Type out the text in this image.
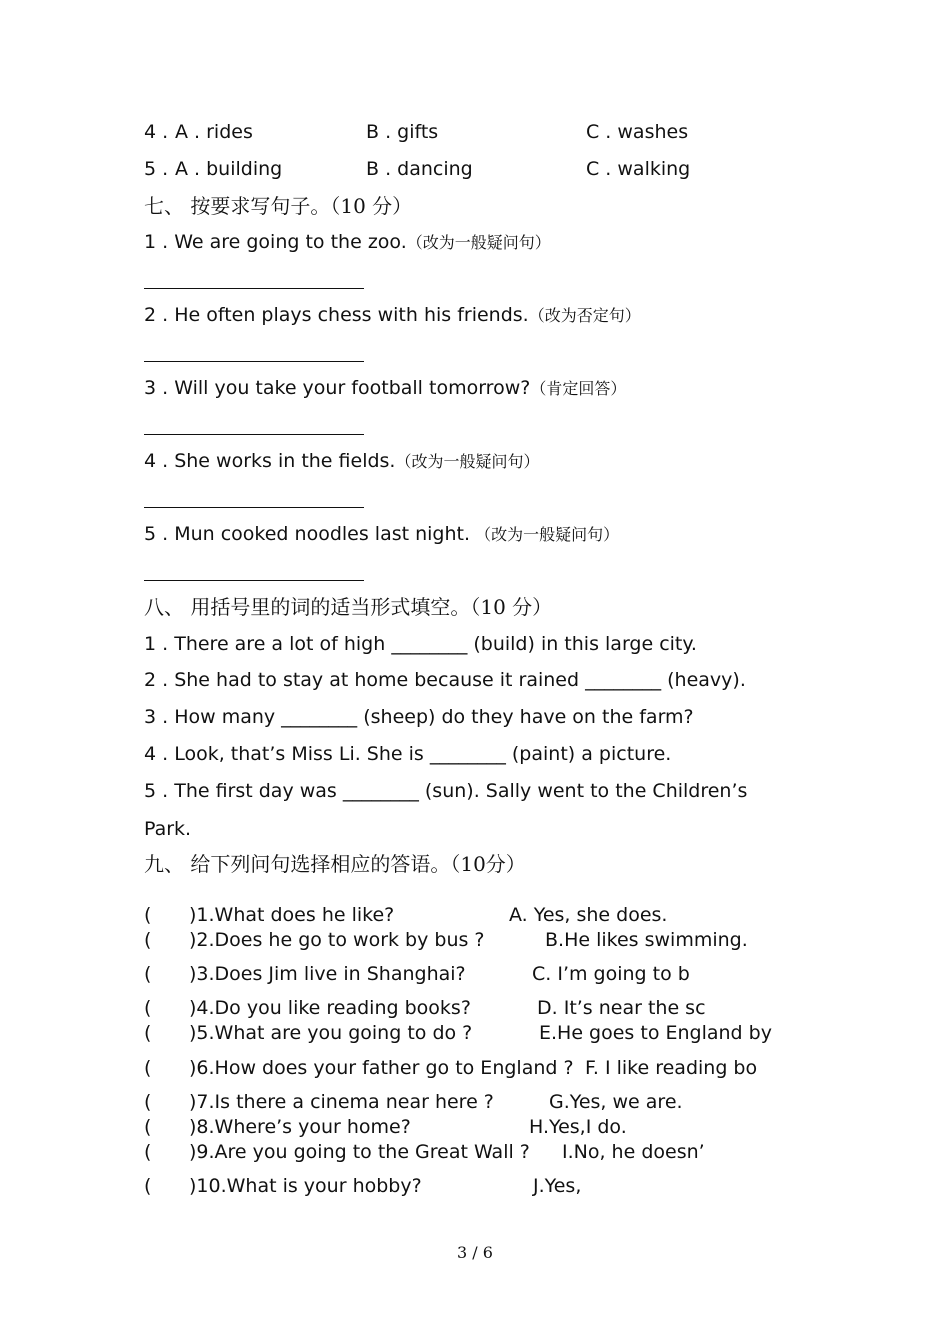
4 . A . rides	B . gifts	C . washes
5 . A . building	B . dancing	C . walking
七、 按要求写句子。（10 分）
1 . We are going to the zoo.（改为一般疑问句）
2 . He often plays chess with his friends.（改为否定句）
3 . Will you take your football tomorrow?（肯定回答）
4 . She works in the fields.（改为一般疑问句）
5 . Mun cooked noodles last night. （改为一般疑问句）
八、 用括号里的词的适当形式填空。（10 分）
1 . There are a lot of high ________ (build) in this large city.
2 . She had to stay at home because it rained ________ (heavy).
3 . How many ________ (sheep) do they have on the farm?
4 . Look, that’s Miss Li. She is ________ (paint) a picture.
5 . The first day was ________ (sun). Sally went to the Children’s
Park.
九、 给下列问句选择相应的答语。（10分）
( )1.What does he like?	A. Yes, she does.
( )2.Does he go to work by bus ?	B.He likes swimming.
( )3.Does Jim live in Shanghai?	C. I’m going to b
( )4.Do you like reading books?	D. It’s near the sc
( )5.What are you going to do ?	E.He goes to England by
( )6.How does your father go to England ? F. I like reading bo
( )7.Is there a cinema near here ?	G.Yes, we are.
( )8.Where’s your home?	H.Yes,I do.
( )9.Are you going to the Great Wall ? I.No, he doesn’
( )10.What is your hobby?	J.Yes,
3 / 6
